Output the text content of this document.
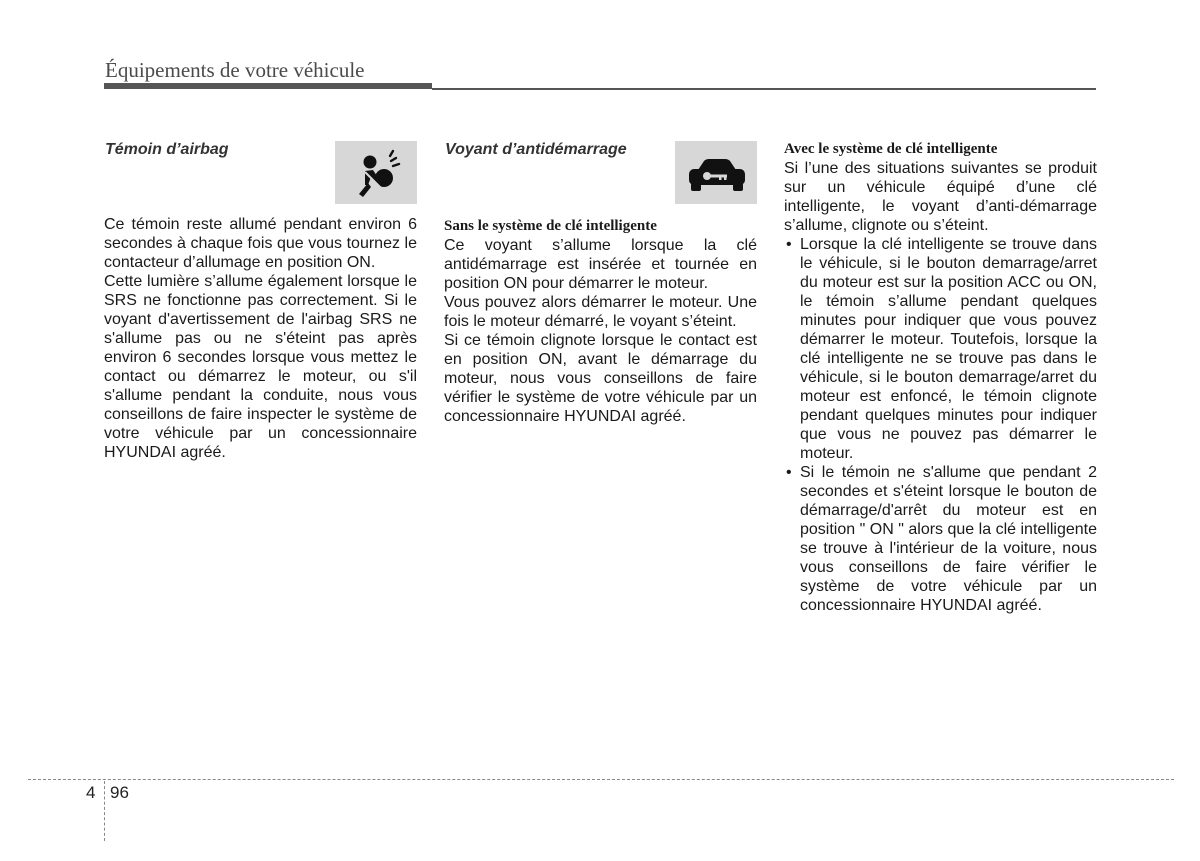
Équipements de votre véhicule
Témoin d’airbag

Ce témoin reste allumé pendant environ 6 secondes à chaque fois que vous tournez le contacteur d’allumage en position ON.

Cette lumière s’allume également lorsque le SRS ne fonctionne pas correctement. Si le voyant d'avertissement de l'airbag SRS ne s'allume pas ou ne s'éteint pas après environ 6 secondes lorsque vous mettez le contact ou démarrez le moteur, ou s'il s'allume pendant la conduite, nous vous conseillons de faire inspecter le système de votre véhicule par un concessionnaire HYUNDAI agréé.

Voyant d’antidémarrage

Sans le système de clé intelligente

Ce voyant s’allume lorsque la clé antidémarrage est insérée et tournée en position ON pour démarrer le moteur.

Vous pouvez alors démarrer le moteur. Une fois le moteur démarré, le voyant s’éteint.

Si ce témoin clignote lorsque le contact est en position ON, avant le démarrage du moteur, nous vous conseillons de faire vérifier le système de votre véhicule par un concessionnaire HYUNDAI agréé.

Avec le système de clé intelligente

Si l’une des situations suivantes se produit sur un véhicule équipé d’une clé intelligente, le voyant d’anti-démarrage s’allume, clignote ou s’éteint.

• Lorsque la clé intelligente se trouve dans le véhicule, si le bouton demarrage/arret du moteur est sur la position ACC ou ON, le témoin s’allume pendant quelques minutes pour indiquer que vous pouvez démarrer le moteur. Toutefois, lorsque la clé intelligente ne se trouve pas dans le véhicule, si le bouton demarrage/arret du moteur est enfoncé, le témoin clignote pendant quelques minutes pour indiquer que vous ne pouvez pas démarrer le moteur.
• Si le témoin ne s'allume que pendant 2 secondes et s'éteint lorsque le bouton de démarrage/d'arrêt du moteur est en position " ON " alors que la clé intelligente se trouve à l'intérieur de la voiture, nous vous conseillons de faire vérifier le système de votre véhicule par un concessionnaire HYUNDAI agréé.
4 96
